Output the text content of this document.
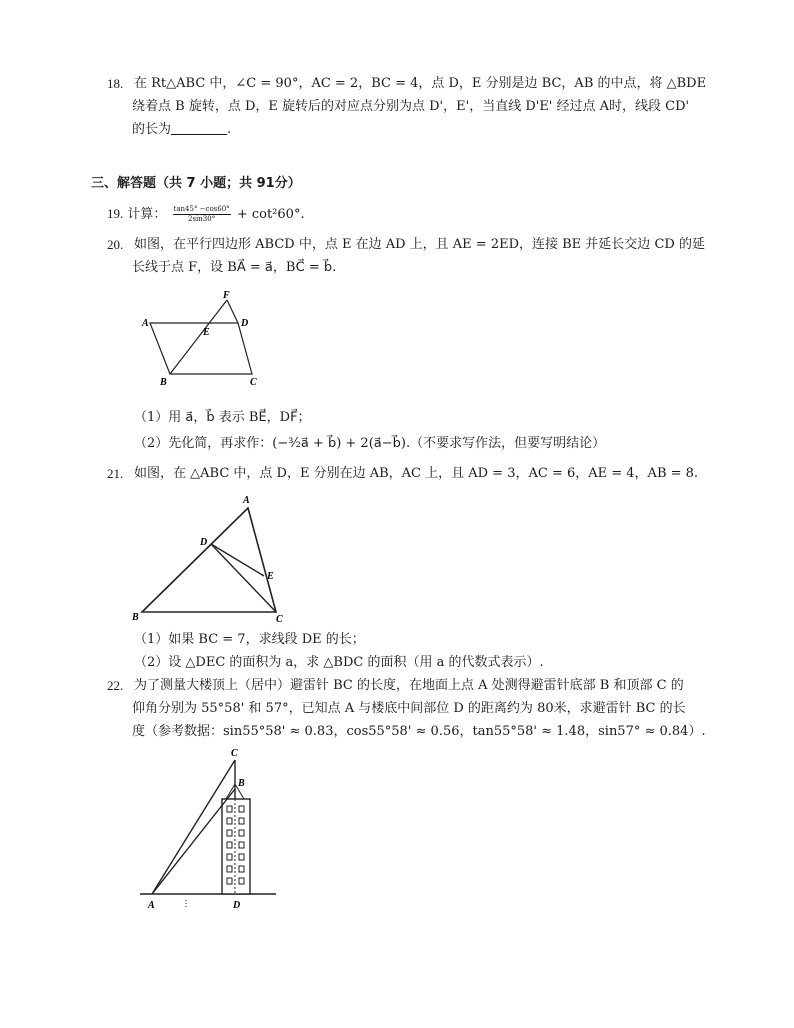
18. 在 Rt△ABC 中，∠C = 90°，AC = 2，BC = 4，点 D，E 分别是边 BC，AB 的中点，将 △BDE
绕着点 B 旋转，点 D，E 旋转后的对应点分别为点 D'，E'，当直线 D'E' 经过点 A时，线段 CD'
的长为	.
三、解答题（共 7 小题；共 91分）
19. 计算： $\frac{\tan 45^\circ -\cos 60^\circ}{2\sin 30^\circ} + \cot^260^\circ$.
20. 如图，在平行四边形 ABCD 中，点 E 在边 AD 上，且 AE = 2ED，连接 BE 并延长交边 CD 的延
长线于点 F，设 BA⃗ = a⃗，BC⃗ = b⃗.
A
B	C
D
E
F
（1）用 a⃗，b⃗ 表示 BE⃗，DF⃗；
（2）先化简，再求作：(−³⁄₂a⃗ + b⃗) + 2(a⃗−b⃗).（不要求写作法，但要写明结论）
21. 如图，在 △ABC 中，点 D，E 分别在边 AB，AC 上，且 AD = 3，AC = 6，AE = 4，AB = 8.
A
B	C
D
E
（1）如果 BC = 7，求线段 DE 的长；
（2）设 △DEC 的面积为 a，求 △BDC 的面积（用 a 的代数式表示）.
22. 为了测量大楼顶上（居中）避雷针 BC 的长度，在地面上点 A 处测得避雷针底部 B 和顶部 C 的
仰角分别为 55°58' 和 57°，已知点 A 与楼底中间部位 D 的距离约为 80米，求避雷针 BC 的长
度（参考数据：sin55°58' ≈ 0.83，cos55°58' ≈ 0.56，tan55°58' ≈ 1.48，sin57° ≈ 0.84）.
C
B
A	D
